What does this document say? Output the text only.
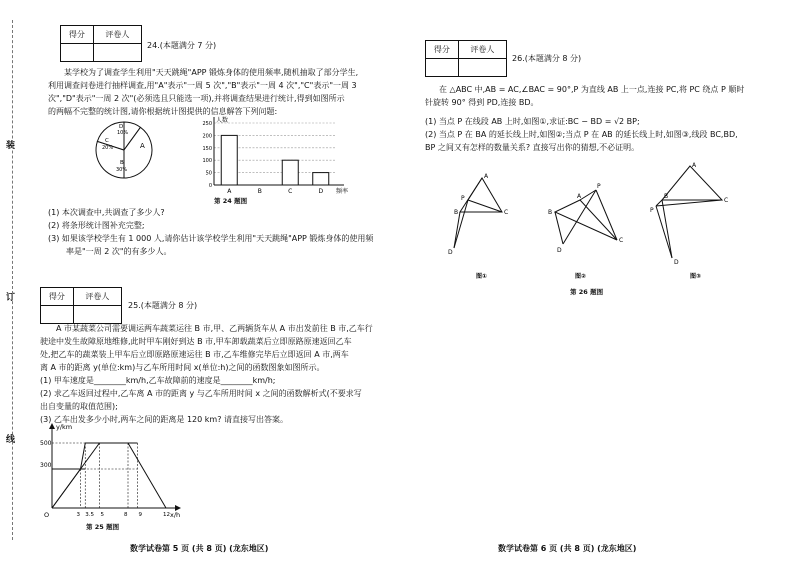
装
订
线
得分	评卷人

24.(本题满分 7 分)
某学校为了调查学生利用"天天跳绳"APP 锻炼身体的使用频率,随机抽取了部分学生,
利用调查问卷进行抽样调查,用"A"表示"一周 5 次","B"表示"一周 4 次","C"表示"一周 3
次","D"表示"一周 2 次"(必须选且只能选一项),并将调查结果进行统计,得到如图所示
的两幅不完整的统计图,请你根据统计图提供的信息解答下列问题:
A
B
30%
C
20%
D
10%
0
50
100
150
200
250
A	B	C	D
人数
频率
第 24 题图
(1) 本次调查中,共调查了多少人?
(2) 将条形统计图补充完整;
(3) 如果该学校学生有 1 000 人,请你估计该学校学生利用"天天跳绳"APP 锻炼身体的使用频
率是"一周 2 次"的有多少人。
得分	评卷人

25.(本题满分 8 分)
A 市某蔬菜公司需要调运两车蔬菜运往 B 市,甲、乙两辆货车从 A 市出发前往 B 市,乙车行
驶途中发生故障原地维修,此时甲车刚好到达 B 市,甲车卸载蔬菜后立即原路原速返回乙车
处,把乙车的蔬菜装上甲车后立即原路原速运往 B 市,乙车维修完毕后立即返回 A 市,两车
离 A 市的距离 y(单位:km)与乙车所用时间 x(单位:h)之间的函数图象如图所示。
(1) 甲车速度是________km/h,乙车故障前的速度是________km/h;
(2) 求乙车返回过程中,乙车离 A 市的距离 y 与乙车所用时间 x 之间的函数解析式(不要求写
出自变量的取值范围);
(3) 乙车出发多少小时,两车之间的距离是 120 km? 请直接写出答案。
y/km
x/h
500
300
O	3 3.5 5	8 9	12
第 25 题图
数学试卷第 5 页 (共 8 页) (龙东地区)
得分	评卷人

26.(本题满分 8 分)
在 △ABC 中,AB = AC,∠BAC = 90°,P 为直线 AB 上一点,连接 PC,将 PC 绕点 P 顺时
针旋转 90° 得到 PD,连接 BD。
(1) 当点 P 在线段 AB 上时,如图①,求证:BC − BD = √2 BP;
(2) 当点 P 在 BA 的延长线上时,如图②;当点 P 在 AB 的延长线上时,如图③,线段 BC,BD,
BP 之间又有怎样的数量关系? 直接写出你的猜想,不必证明。
A
B	C
D
P
图①
A
B
C
D
P
图②
A
B
C
D
P
图③
第 26 题图
数学试卷第 6 页 (共 8 页) (龙东地区)
